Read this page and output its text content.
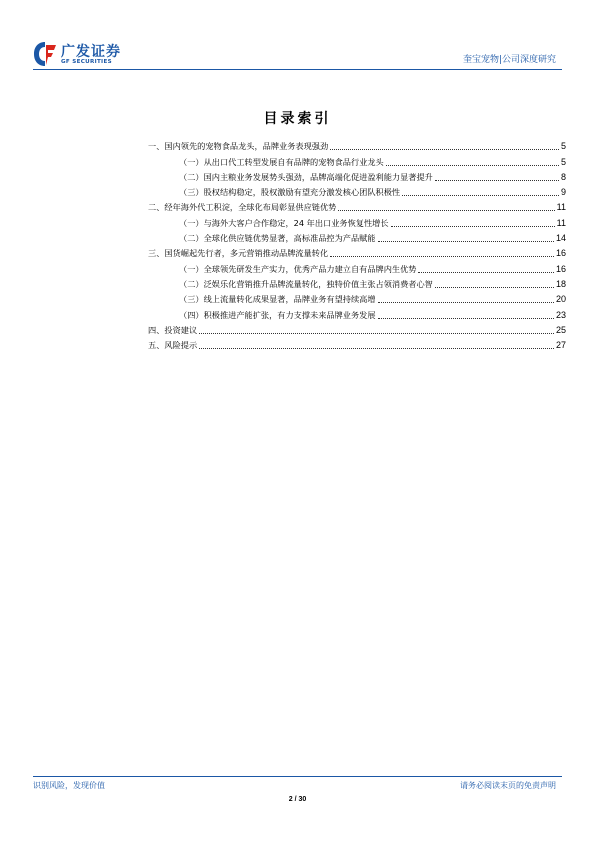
广发证券
GF SECURITIES	奎宝宠物|公司深度研究
目录索引
一、国内领先的宠物食品龙头，品牌业务表现强劲	5
（一）从出口代工转型发展自有品牌的宠物食品行业龙头	5
（二）国内主粮业务发展势头强劲，品牌高端化促进盈利能力显著提升	8
（三）股权结构稳定，股权激励有望充分激发核心团队积极性	9
二、经年海外代工积淀，全球化布局彰显供应链优势	11
（一）与海外大客户合作稳定，24 年出口业务恢复性增长	11
（二）全球化供应链优势显著，高标准品控为产品赋能	14
三、国货崛起先行者，多元营销推动品牌流量转化	16
（一）全球领先研发生产实力，优秀产品力建立自有品牌内生优势	16
（二）泛娱乐化营销推升品牌流量转化，独特价值主张占领消费者心智	18
（三）线上流量转化成果显著，品牌业务有望持续高增	20
（四）积极推进产能扩张，有力支撑未来品牌业务发展	23
四、投资建议	25
五、风险提示	27
识别风险，发现价值	请务必阅读末页的免责声明
2 / 30
